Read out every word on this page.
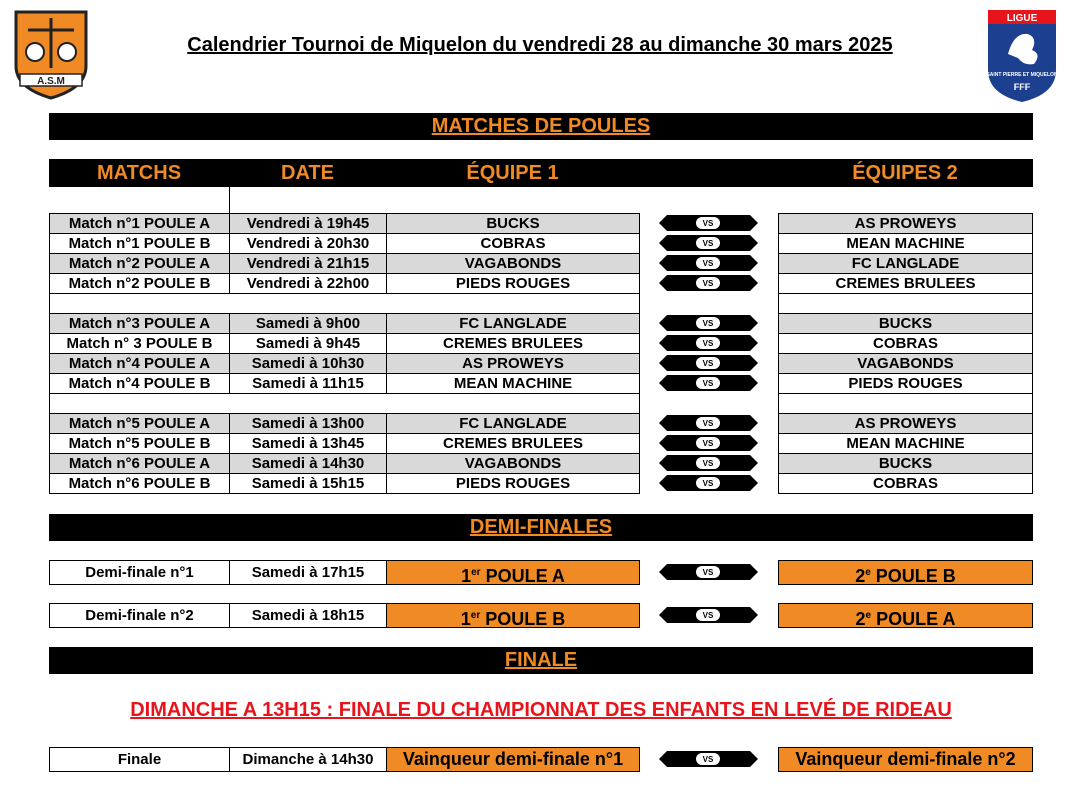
A.S.M
LIGUE
SAINT PIERRE ET MIQUELON
FFF
Calendrier Tournoi de Miquelon du vendredi 28 au dimanche 30 mars 2025
MATCHES DE POULES
MATCHS	DATE	ÉQUIPE 1	ÉQUIPES 2
Match n°1 POULE A	Vendredi à 19h45	BUCKS	VS	AS PROWEYS
Match n°1 POULE B	Vendredi à 20h30	COBRAS	VS	MEAN MACHINE
Match n°2 POULE A	Vendredi à 21h15	VAGABONDS	VS	FC LANGLADE
Match n°2 POULE B	Vendredi à 22h00	PIEDS ROUGES	VS	CREMES BRULEES
Match n°3 POULE A	Samedi à 9h00	FC LANGLADE	VS	BUCKS
Match n° 3 POULE B	Samedi à 9h45	CREMES BRULEES	VS	COBRAS
Match n°4 POULE A	Samedi à 10h30	AS PROWEYS	VS	VAGABONDS
Match n°4 POULE B	Samedi à 11h15	MEAN MACHINE	VS	PIEDS ROUGES
Match n°5 POULE A	Samedi à 13h00	FC LANGLADE	VS	AS PROWEYS
Match n°5 POULE B	Samedi à 13h45	CREMES BRULEES	VS	MEAN MACHINE
Match n°6 POULE A	Samedi à 14h30	VAGABONDS	VS	BUCKS
Match n°6 POULE B	Samedi à 15h15	PIEDS ROUGES	VS	COBRAS
DEMI-FINALES
Demi-finale n°1	Samedi à 17h15	1er POULE A	VS	2e POULE B
Demi-finale n°2	Samedi à 18h15	1er POULE B	VS	2e POULE A
FINALE
DIMANCHE A 13H15 : FINALE DU CHAMPIONNAT DES ENFANTS EN LEVÉ DE RIDEAU
Finale	Dimanche à 14h30	Vainqueur demi-finale n°1	VS	Vainqueur demi-finale n°2
